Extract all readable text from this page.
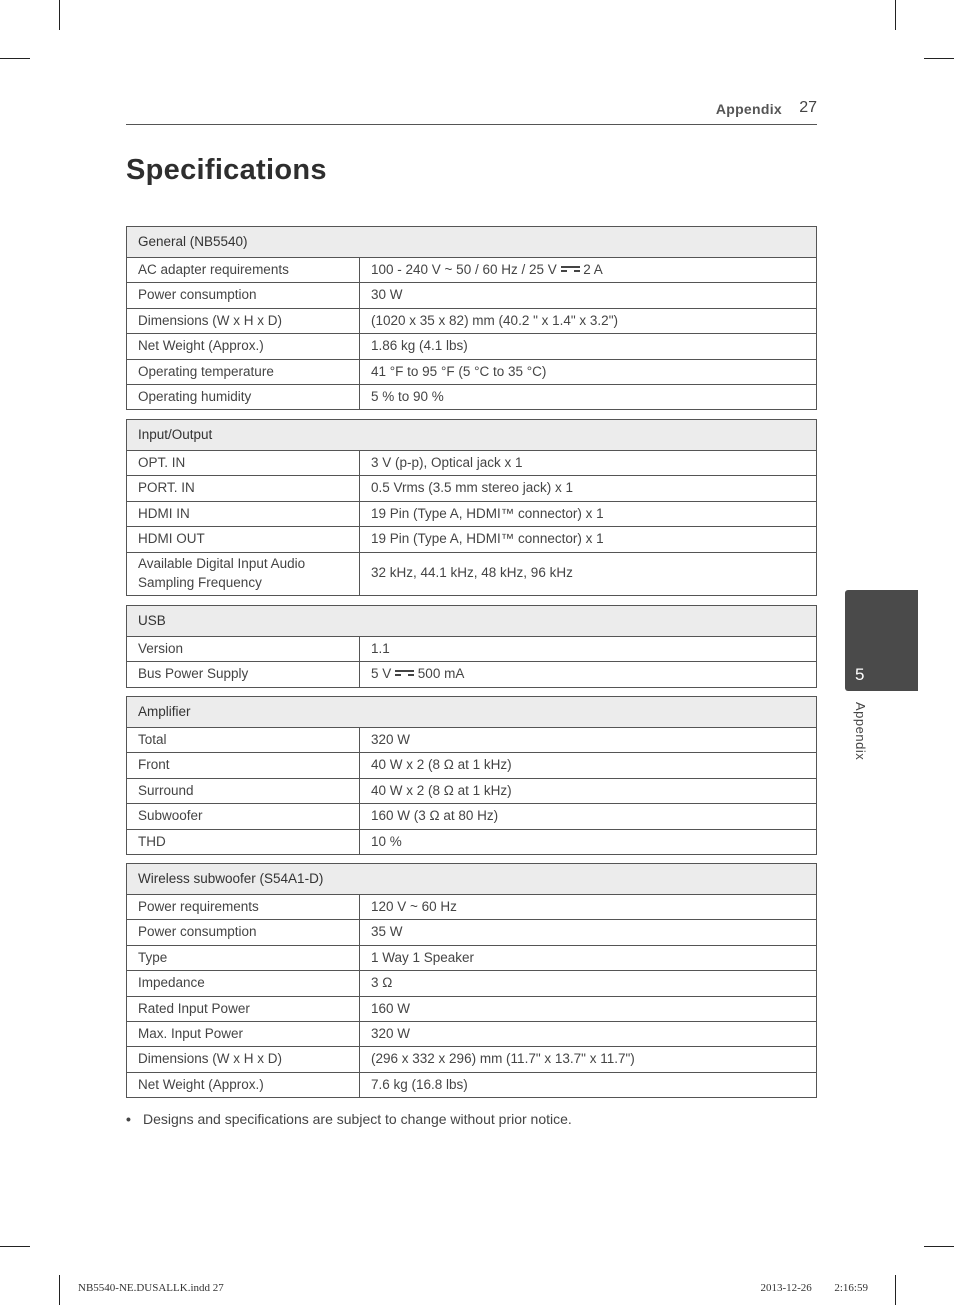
Appendix 27
Specifications
General (NB5540)	
AC adapter requirements	100 - 240 V ~ 50 / 60 Hz / 25 V 2 A
Power consumption	30 W
Dimensions (W x H x D)	(1020 x 35 x 82) mm (40.2 " x 1.4" x 3.2")
Net Weight (Approx.)	1.86 kg (4.1 lbs)
Operating temperature	41 °F to 95 °F (5 °C to 35 °C)
Operating humidity	5 % to 90 %
Input/Output	
OPT. IN	3 V (p-p), Optical jack x 1
PORT. IN	0.5 Vrms (3.5 mm stereo jack) x 1
HDMI IN	19 Pin (Type A, HDMI™ connector) x 1
HDMI OUT	19 Pin (Type A, HDMI™ connector) x 1
Available Digital Input Audio Sampling Frequency	32 kHz, 44.1 kHz, 48 kHz, 96 kHz
USB	
Version	1.1
Bus Power Supply	5 V 500 mA
Amplifier	
Total	320 W
Front	40 W x 2 (8 Ω at 1 kHz)
Surround	40 W x 2 (8 Ω at 1 kHz)
Subwoofer	160 W (3 Ω at 80 Hz)
THD	10 %
Wireless subwoofer (S54A1-D)	
Power requirements	120 V ~ 60 Hz
Power consumption	35 W
Type	1 Way 1 Speaker
Impedance	3 Ω
Rated Input Power	160 W
Max. Input Power	320 W
Dimensions (W x H x D)	(296 x 332 x 296) mm (11.7" x 13.7" x 11.7")
Net Weight (Approx.)	7.6 kg (16.8 lbs)
• Designs and specifications are subject to change without prior notice.
5
Appendix
NB5540-NE.DUSALLK.indd 27	2013-12-26 ￿￿ 2:16:59
